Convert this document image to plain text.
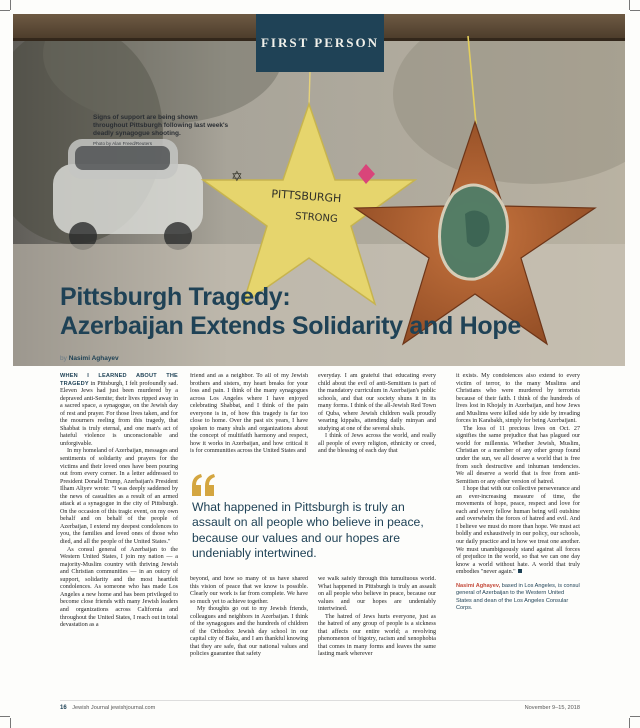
✡
PITTSBURGH
STRONG
Signs of support are being shown throughout Pittsburgh following last week's deadly synagogue shooting.
Photo by Alan Freed/Reuters
FIRST PERSON
Pittsburgh Tragedy:
Azerbaijan Extends Solidarity and Hope
by Nasimi Aghayev

WHEN I LEARNED ABOUT THE TRAGEDY in Pittsburgh, I felt profoundly sad. Eleven Jews had just been murdered by a depraved anti-Semite; their lives ripped away in a sacred space, a synagogue, on the Jewish day of rest and prayer. For those lives taken, and for the mourners reeling from this tragedy, that Shabbat is truly eternal, and one man's act of hateful violence is unconscionable and unforgivable.

In my homeland of Azerbaijan, messages and sentiments of solidarity and prayers for the victims and their loved ones have been pouring out from every corner. In a letter addressed to President Donald Trump, Azerbaijan's President Ilham Aliyev wrote: "I was deeply saddened by the news of casualties as a result of an armed attack at a synagogue in the city of Pittsburgh. On the occasion of this tragic event, on my own behalf and on behalf of the people of Azerbaijan, I extend my deepest condolences to you, the families and loved ones of those who died, and all the people of the United States."

As consul general of Azerbaijan to the Western United States, I join my nation — a majority-Muslim country with thriving Jewish and Christian communities — in an outcry of support, solidarity and the most heartfelt condolences. As someone who has made Los Angeles a new home and has been privileged to become close friends with many Jewish leaders and organizations across California and throughout the United States, I reach out in total devastation as a

friend and as a neighbor. To all of my Jewish brothers and sisters, my heart breaks for your loss and pain. I think of the many synagogues across Los Angeles where I have enjoyed celebrating Shabbat, and I think of the pain everyone is in, of how this tragedy is far too close to home. Over the past six years, I have spoken to many shuls and organizations about the concept of multifaith harmony and respect, how it works in Azerbaijan, and how critical it is for communities across the United States and

everyday. I am grateful that educating every child about the evil of anti-Semitism is part of the mandatory curriculum in Azerbaijan's public schools, and that our society shuns it in its many forms. I think of the all-Jewish Red Town of Quba, where Jewish children walk proudly wearing kippahs, attending daily minyan and studying at one of the several shuls.

I think of Jews across the world, and really all people of every religion, ethnicity or creed, and the blessing of each day that

What happened in Pittsburgh is truly an assault on all people who believe in peace, because our values and our hopes are undeniably intertwined.

beyond, and how so many of us have shared this vision of peace that we know is possible. Clearly our work is far from complete. We have so much yet to achieve together.

My thoughts go out to my Jewish friends, colleagues and neighbors in Azerbaijan. I think of the synagogues and the hundreds of children of the Orthodox Jewish day school in our capital city of Baku, and I am thankful knowing that they are safe, that our national values and policies guarantee that safety

we walk safely through this tumultuous world. What happened in Pittsburgh is truly an assault on all people who believe in peace, because our values and our hopes are undeniably intertwined.

The hatred of Jews hurts everyone, just as the hatred of any group of people is a sickness that affects our entire world; a revolving phenomenon of bigotry, racism and xenophobia that comes in many forms and leaves the same lasting mark wherever

it exists. My condolences also extend to every victim of terror, to the many Muslims and Christians who were murdered by terrorists because of their faith. I think of the hundreds of lives lost in Khojaly in Azerbaijan, and how Jews and Muslims were killed side by side by invading forces in Karabakh, simply for being Azerbaijani.

The loss of 11 precious lives on Oct. 27 signifies the same prejudice that has plagued our world for millennia. Whether Jewish, Muslim, Christian or a member of any other group found under the sun, we all deserve a world that is free from such destructive and inhuman tendencies. We all deserve a world that is free from anti-Semitism or any other version of hatred.

I hope that with our collective perseverance and an ever-increasing measure of time, the movements of hope, peace, respect and love for each and every fellow human being will outshine and overwhelm the forces of hatred and evil. And I believe we must do more than hope. We must act boldly and exhaustively in our policy, our schools, our daily practice and in how we treat one another. We must unambiguously stand against all forces of prejudice in the world, so that we can one day know a world without hate. A world that truly embodies "never again."

Nasimi Aghayev, based in Los Angeles, is consul general of Azerbaijan to the Western United States and dean of the Los Angeles Consular Corps.
16 Jewish Journal jewishjournal.com	November 9–15, 2018
